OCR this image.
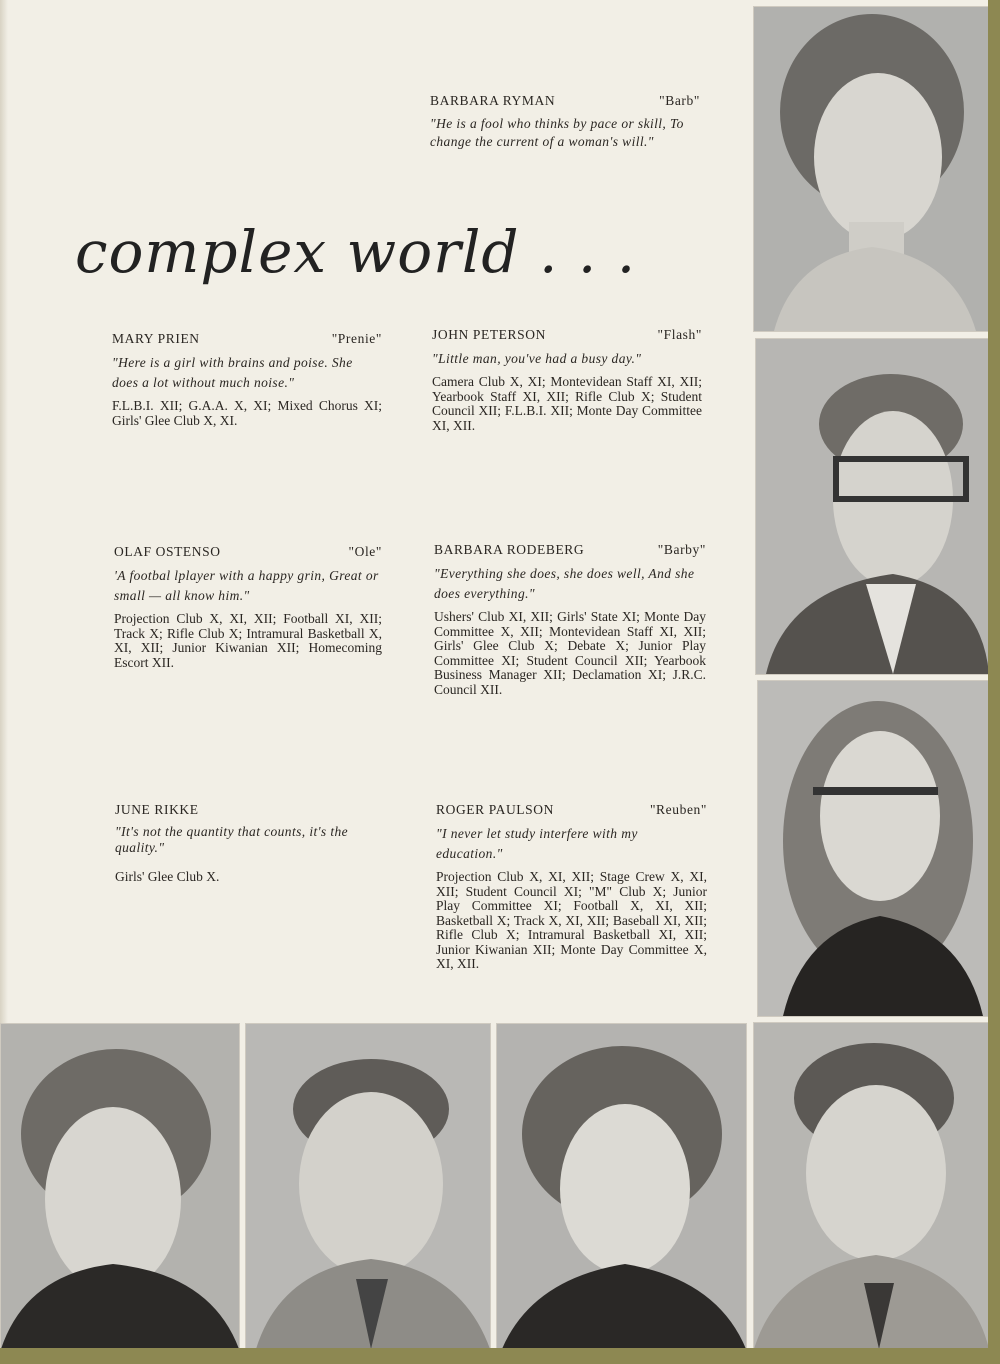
complex world . . . .
BARBARA RYMAN	"Barb"
"He is a fool who thinks by pace or skill, To change the current of a woman's will."
MARY PRIEN	"Prenie"
"Here is a girl with brains and poise. She does a lot without much noise."
F.L.B.I. XII; G.A.A. X, XI; Mixed Chorus XI; Girls' Glee Club X, XI.
JOHN PETERSON	"Flash"
"Little man, you've had a busy day."
Camera Club X, XI; Montevidean Staff XI, XII; Yearbook Staff XI, XII; Rifle Club X; Student Council XII; F.L.B.I. XII; Monte Day Committee XI, XII.
OLAF OSTENSO	"Ole"
'A footbal lplayer with a happy grin, Great or small — all know him."
Projection Club X, XI, XII; Football XI, XII; Track X; Rifle Club X; Intramural Basketball X, XI, XII; Junior Kiwanian XII; Homecoming Escort XII.
BARBARA RODEBERG	"Barby"
"Everything she does, she does well, And she does everything."
Ushers' Club XI, XII; Girls' State XI; Monte Day Committee X, XII; Montevidean Staff XI, XII; Girls' Glee Club X; Debate X; Junior Play Committee XI; Student Council XII; Yearbook Business Manager XII; Declamation XI; J.R.C. Council XII.
JUNE RIKKE
"It's not the quantity that counts, it's the quality."
Girls' Glee Club X.
ROGER PAULSON	"Reuben"
"I never let study interfere with my education."
Projection Club X, XI, XII; Stage Crew X, XI, XII; Student Council XI; "M" Club X; Junior Play Committee XI; Football X, XI, XII; Basketball X; Track X, XI, XII; Baseball XI, XII; Rifle Club X; Intramural Basketball XI, XII; Junior Kiwanian XII; Monte Day Committee X, XI, XII.
